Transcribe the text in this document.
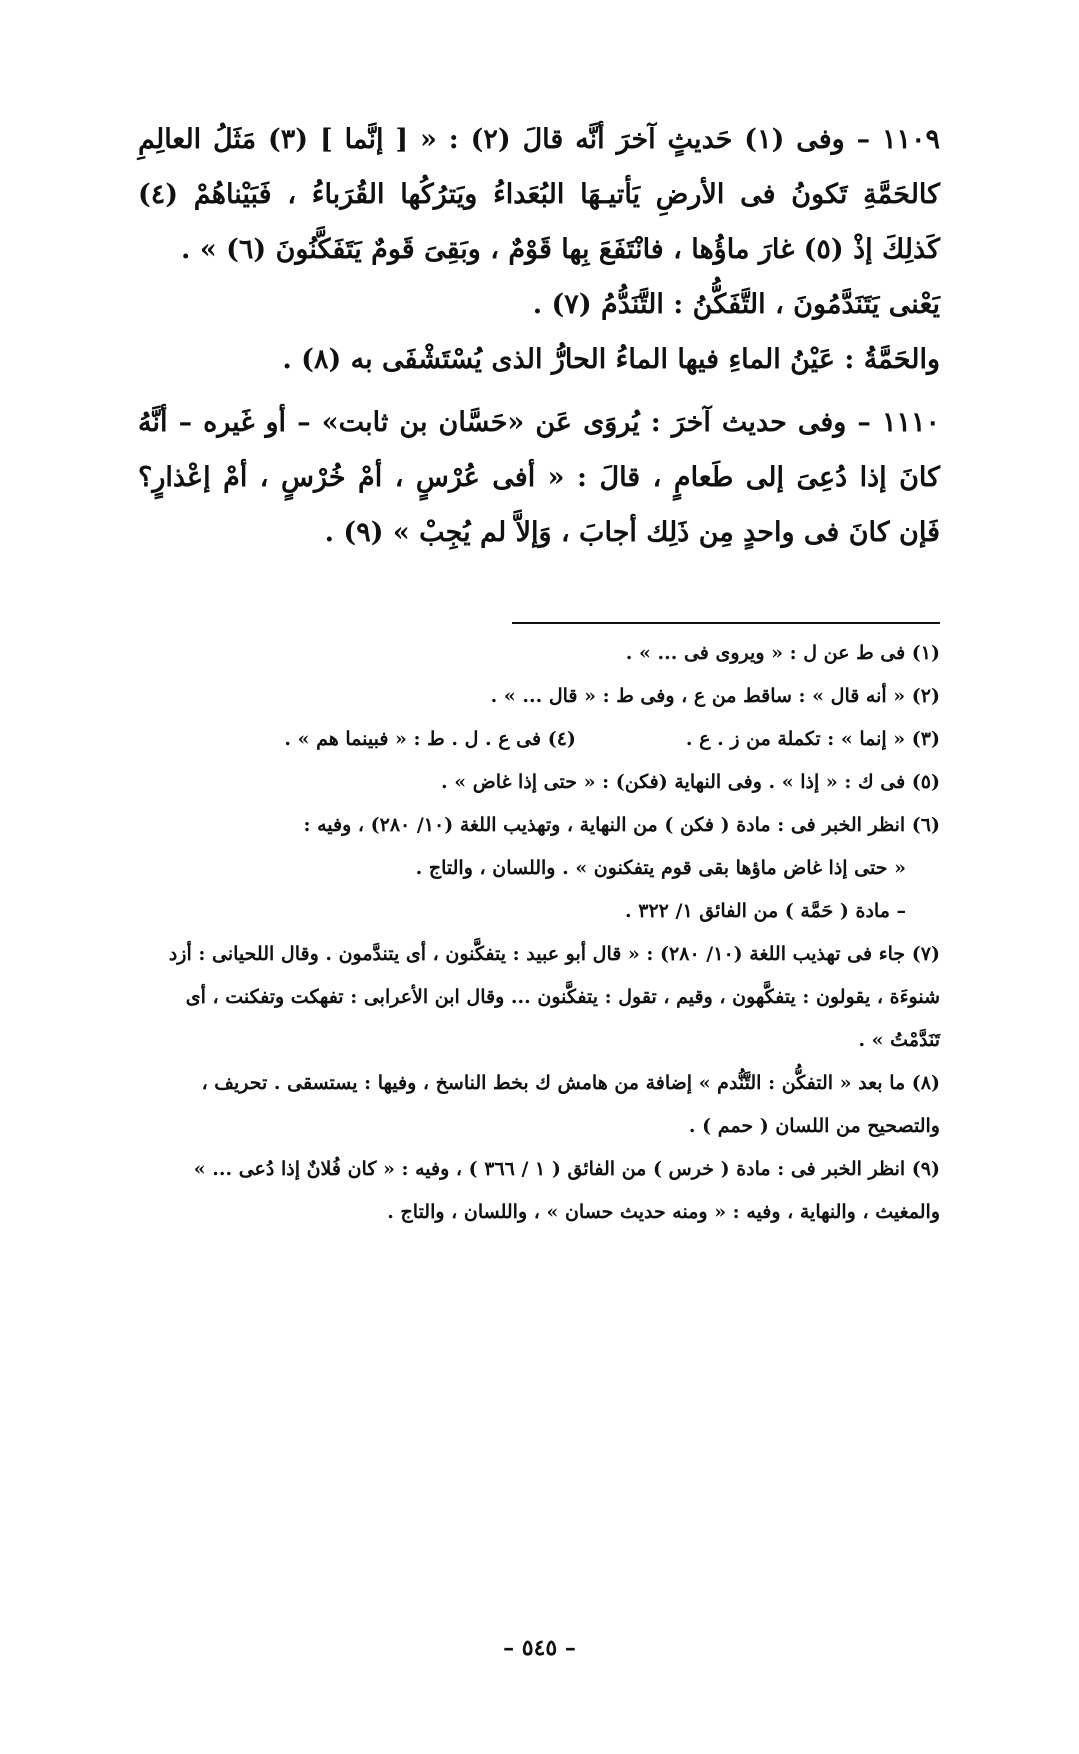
١١٠٩ – وفى (١) حَديثٍ آخرَ أنَّه قالَ (٢) : « [ إنَّما ] (٣) مَثَلُ العالِمِ كالحَمَّةِ تَكونُ فى الأرضِ يَأتيـهَا البُعَداءُ ويَترُكُها القُرَباءُ ، فَبَيْناهُمْ (٤) كَذلِكَ إذْ (٥) غارَ ماؤُها ، فانْتَفَعَ بِها قَوْمٌ ، وبَقِىَ قَومٌ يَتَفَكَّنُونَ (٦) » .

يَعْنى يَتَنَدَّمُونَ ، التَّفَكُّنُ : التَّنَدُّمُ (٧) .

والحَمَّةُ : عَيْنُ الماءِ فيها الماءُ الحارُّ الذى يُسْتَشْفَى به (٨) .

١١١٠ – وفى حديث آخرَ : يُروَى عَن «حَسَّان بن ثابت» – أو غَيره – أنَّهُ كانَ إذا دُعِىَ إلى طَعامٍ ، قالَ : « أفى عُرْسٍ ، أمْ خُرْسٍ ، أمْ إعْذارٍ؟ فَإن كانَ فى واحدٍ مِن ذَلِك أجابَ ، وَإلاَّ لم يُجِبْ » (٩) .

(١) فى ط عن ل : « ويروى فى ... » .

(٢) « أنه قال » : ساقط من ع ، وفى ط : « قال ... » .

(٣) « إنما » : تكملة من ز . ع .
(٤) فى ع . ل . ط : « فبينما هم » .

(٥) فى ك : « إذا » . وفى النهاية (فكن) : « حتى إذا غاض » .

(٦) انظر الخبر فى : مادة ( فكن ) من النهاية ، وتهذيب اللغة (١٠/ ٢٨٠) ، وفيه :

« حتى إذا غاض ماؤها بقى قوم يتفكنون » . واللسان ، والتاج .

– مادة ( حَمَّة ) من الفائق ١/ ٣٢٢ .

(٧) جاء فى تهذيب اللغة (١٠/ ٢٨٠) : « قال أبو عبيد : يتفكَّنون ، أى يتندَّمون . وقال اللحيانى : أزد شنوءَة ، يقولون : يتفكَّهون ، وقيم ، تقول : يتفكَّنون ... وقال ابن الأعرابى : تفهكت وتفكنت ، أى تَنَدَّمْتُ » .

(٨) ما بعد « التفكُّن : التَّنُّدم » إضافة من هامش ك بخط الناسخ ، وفيها : يستسقى . تحريف ، والتصحيح من اللسان ( حمم ) .

(٩) انظر الخبر فى : مادة ( خرس ) من الفائق ( ١ / ٣٦٦ ) ، وفيه : « كان فُلانٌ إذا دُعى ... » والمغيث ، والنهاية ، وفيه : « ومنه حديث حسان » ، واللسان ، والتاج .

– ٥٤٥ –
